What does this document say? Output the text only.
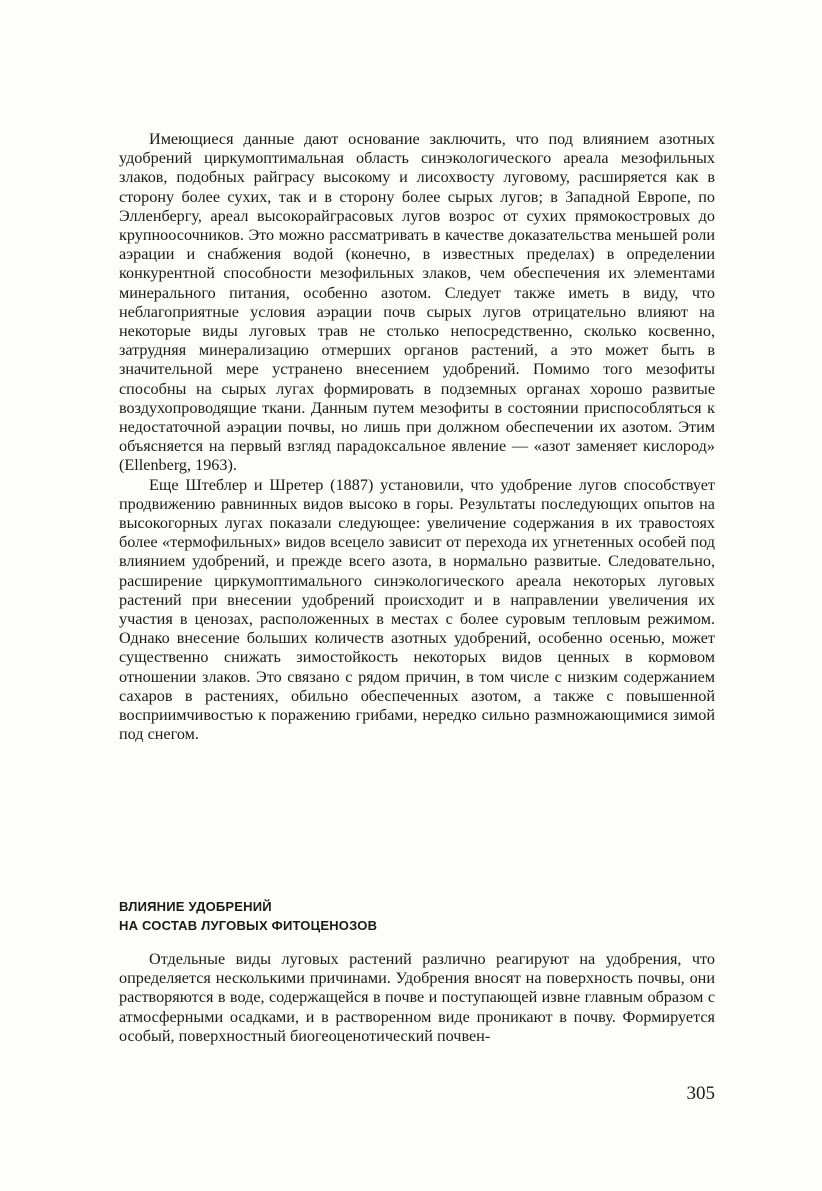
Имеющиеся данные дают основание заключить, что под влиянием азотных удобрений циркумоптимальная область синэкологического ареала мезофильных злаков, подобных райграсу высокому и лисохвосту луговому, расширяется как в сторону более сухих, так и в сторону более сырых лугов; в Западной Европе, по Элленбергу, ареал высокорайграсовых лугов возрос от сухих прямокостровых до крупноосочников. Это можно рассматривать в качестве доказательства меньшей роли аэрации и снабжения водой (конечно, в известных пределах) в определении конкурентной способности мезофильных злаков, чем обеспечения их элементами минерального питания, особенно азотом. Следует также иметь в виду, что неблагоприятные условия аэрации почв сырых лугов отрицательно влияют на некоторые виды луговых трав не столько непосредственно, сколько косвенно, затрудняя минерализацию отмерших органов растений, а это может быть в значительной мере устранено внесением удобрений. Помимо того мезофиты способны на сырых лугах формировать в подземных органах хорошо развитые воздухопроводящие ткани. Данным путем мезофиты в состоянии приспособляться к недостаточной аэрации почвы, но лишь при должном обеспечении их азотом. Этим объясняется на первый взгляд парадоксальное явление — «азот заменяет кислород» (Ellenberg, 1963).

Еще Штеблер и Шретер (1887) установили, что удобрение лугов способствует продвижению равнинных видов высоко в горы. Результаты последующих опытов на высокогорных лугах показали следующее: увеличение содержания в их травостоях более «термофильных» видов всецело зависит от перехода их угнетенных особей под влиянием удобрений, и прежде всего азота, в нормально развитые. Следовательно, расширение циркумоптимального синэкологического ареала некоторых луговых растений при внесении удобрений происходит и в направлении увеличения их участия в ценозах, расположенных в местах с более суровым тепловым режимом. Однако внесение больших количеств азотных удобрений, особенно осенью, может существенно снижать зимостойкость некоторых видов ценных в кормовом отношении злаков. Это связано с рядом причин, в том числе с низким содержанием сахаров в растениях, обильно обеспеченных азотом, а также с повышенной восприимчивостью к поражению грибами, нередко сильно размножающимися зимой под снегом.

ВЛИЯНИЕ УДОБРЕНИЙ
НА СОСТАВ ЛУГОВЫХ ФИТОЦЕНОЗОВ

Отдельные виды луговых растений различно реагируют на удобрения, что определяется несколькими причинами. Удобрения вносят на поверхность почвы, они растворяются в воде, содержащейся в почве и поступающей извне главным образом с атмосферными осадками, и в растворенном виде проникают в почву. Формируется особый, поверхностный биогеоценотический почвен-

305
